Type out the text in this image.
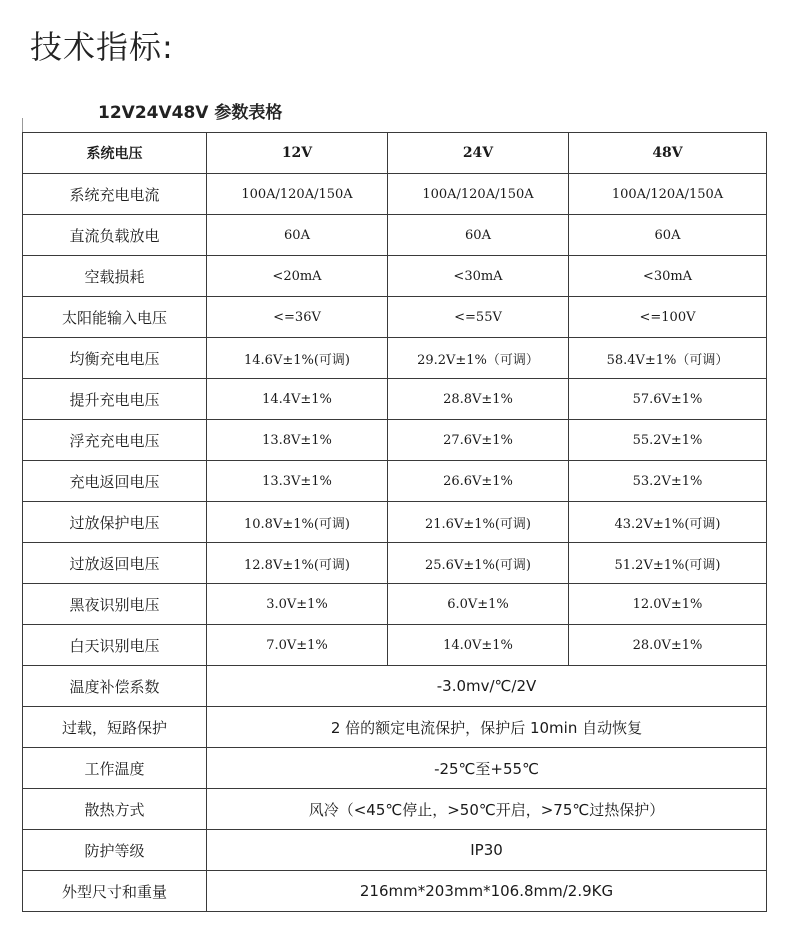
技术指标:
12V24V48V 参数表格
系统电压	12V	24V	48V
系统充电电流	100A/120A/150A	100A/120A/150A	100A/120A/150A
直流负载放电	60A	60A	60A
空载损耗	<20mA	<30mA	<30mA
太阳能输入电压	<=36V	<=55V	<=100V
均衡充电电压	14.6V±1%(可调)	29.2V±1%（可调）	58.4V±1%（可调）
提升充电电压	14.4V±1%	28.8V±1%	57.6V±1%
浮充充电电压	13.8V±1%	27.6V±1%	55.2V±1%
充电返回电压	13.3V±1%	26.6V±1%	53.2V±1%
过放保护电压	10.8V±1%(可调)	21.6V±1%(可调)	43.2V±1%(可调)
过放返回电压	12.8V±1%(可调)	25.6V±1%(可调)	51.2V±1%(可调)
黑夜识别电压	3.0V±1%	6.0V±1%	12.0V±1%
白天识别电压	7.0V±1%	14.0V±1%	28.0V±1%
温度补偿系数	-3.0mv/℃/2V		
过载，短路保护	2 倍的额定电流保护，保护后 10min 自动恢复		
工作温度	-25℃至+55℃		
散热方式	风冷（<45℃停止，>50℃开启，>75℃过热保护）		
防护等级	IP30		
外型尺寸和重量	216mm*203mm*106.8mm/2.9KG		
